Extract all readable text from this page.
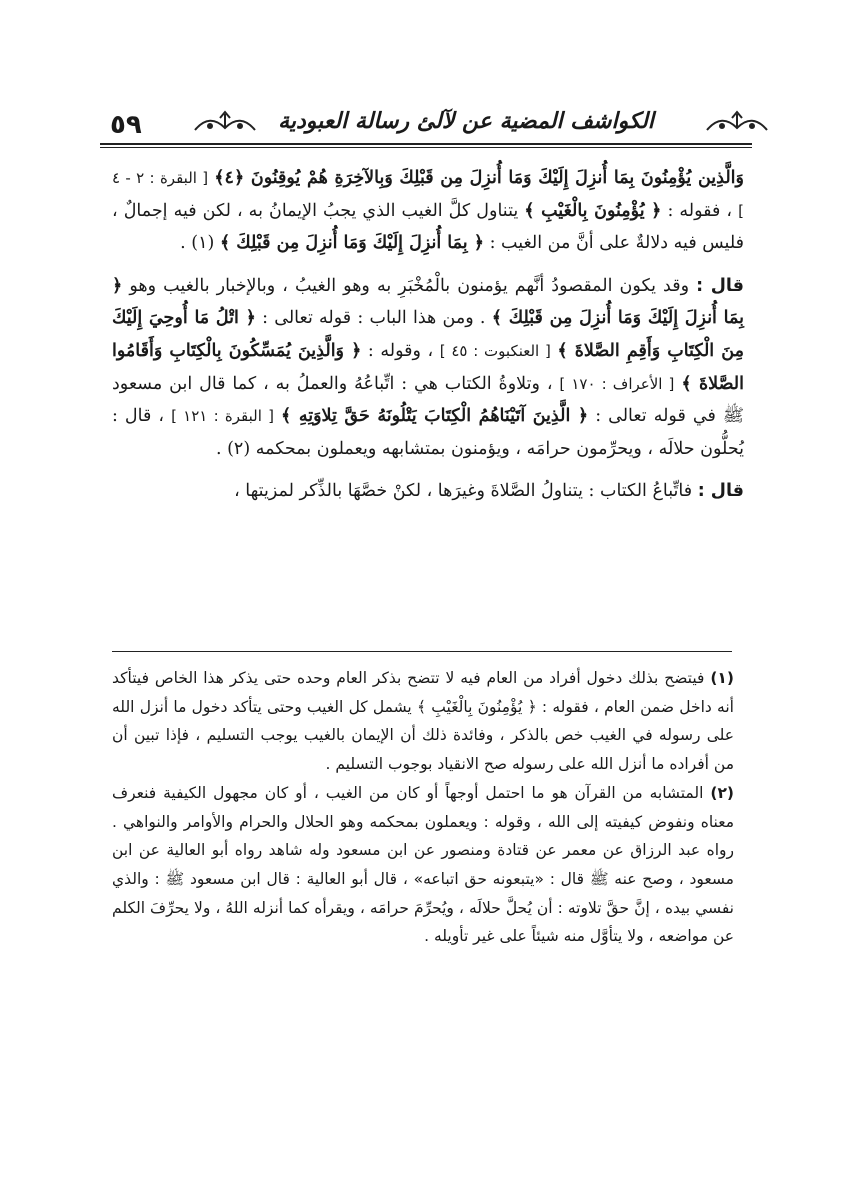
٥٩	الكواشف المضية عن لآلئ رسالة العبودية

وَالَّذِين يُؤْمِنُونَ بِمَا أُنزِلَ إِلَيْكَ وَمَا أُنزِلَ مِن قَبْلِكَ وَبِالآخِرَةِ هُمْ يُوقِنُونَ ﴿٤﴾ [ البقرة : ٢ - ٤ ] ، فقوله : ﴿ يُؤْمِنُونَ بِالْغَيْبِ ﴾ يتناول كلَّ الغيب الذي يجبُ الإيمانُ به ، لكن فيه إجمالٌ ، فليس فيه دلالةٌ على أنَّ من الغيب : ﴿ بِمَا أُنزِلَ إِلَيْكَ وَمَا أُنزِلَ مِن قَبْلِكَ ﴾ (١) .

قال : وقد يكون المقصودُ أنَّهم يؤمنون بالْمُخْبَرِ به وهو الغيبُ ، وبالإخبار بالغيب وهو ﴿ بِمَا أُنزِلَ إِلَيْكَ وَمَا أُنزِلَ مِن قَبْلِكَ ﴾ . ومن هذا الباب : قوله تعالى : ﴿ اتْلُ مَا أُوحِيَ إِلَيْكَ مِنَ الْكِتَابِ وَأَقِمِ الصَّلاةَ ﴾ [ العنكبوت : ٤٥ ] ، وقوله : ﴿ وَالَّذِينَ يُمَسِّكُونَ بِالْكِتَابِ وَأَقَامُوا الصَّلاةَ ﴾ [ الأعراف : ١٧٠ ] ، وتلاوةُ الكتاب هي : اتِّباعُهُ والعملُ به ، كما قال ابن مسعود ﷺ في قوله تعالى : ﴿ الَّذِينَ آتَيْنَاهُمُ الْكِتَابَ يَتْلُونَهُ حَقَّ تِلاوَتِهِ ﴾ [ البقرة : ١٢١ ] ، قال : يُحلُّون حلالَه ، ويحرِّمون حرامَه ، ويؤمنون بمتشابهه ويعملون بمحكمه (٢) .

قال : فاتِّباعُ الكتاب : يتناولُ الصَّلاةَ وغيرَها ، لكنْ خصَّهَا بالذِّكر لمزيتها ،

(١) فيتضح بذلك دخول أفراد من العام فيه لا تتضح بذكر العام وحده حتى يذكر هذا الخاص فيتأكد أنه داخل ضمن العام ، فقوله : ﴿ يُؤْمِنُونَ بِالْغَيْبِ ﴾ يشمل كل الغيب وحتى يتأكد دخول ما أنزل الله على رسوله في الغيب خص بالذكر ، وفائدة ذلك أن الإيمان بالغيب يوجب التسليم ، فإذا تبين أن من أفراده ما أنزل الله على رسوله صح الانقياد بوجوب التسليم .

(٢) المتشابه من القرآن هو ما احتمل أوجهاً أو كان من الغيب ، أو كان مجهول الكيفية فنعرف معناه ونفوض كيفيته إلى الله ، وقوله : ويعملون بمحكمه وهو الحلال والحرام والأوامر والنواهي . رواه عبد الرزاق عن معمر عن قتادة ومنصور عن ابن مسعود وله شاهد رواه أبو العالية عن ابن مسعود ، وصح عنه ﷺ قال : «يتبعونه حق اتباعه» ، قال أبو العالية : قال ابن مسعود ﷺ : والذي نفسي بيده ، إنَّ حقَّ تلاوته : أن يُحلَّ حلالَه ، ويُحرِّمَ حرامَه ، ويقرأه كما أنزله اللهُ ، ولا يحرِّفَ الكلم عن مواضعه ، ولا يتأوَّل منه شيئاً على غير تأويله .
